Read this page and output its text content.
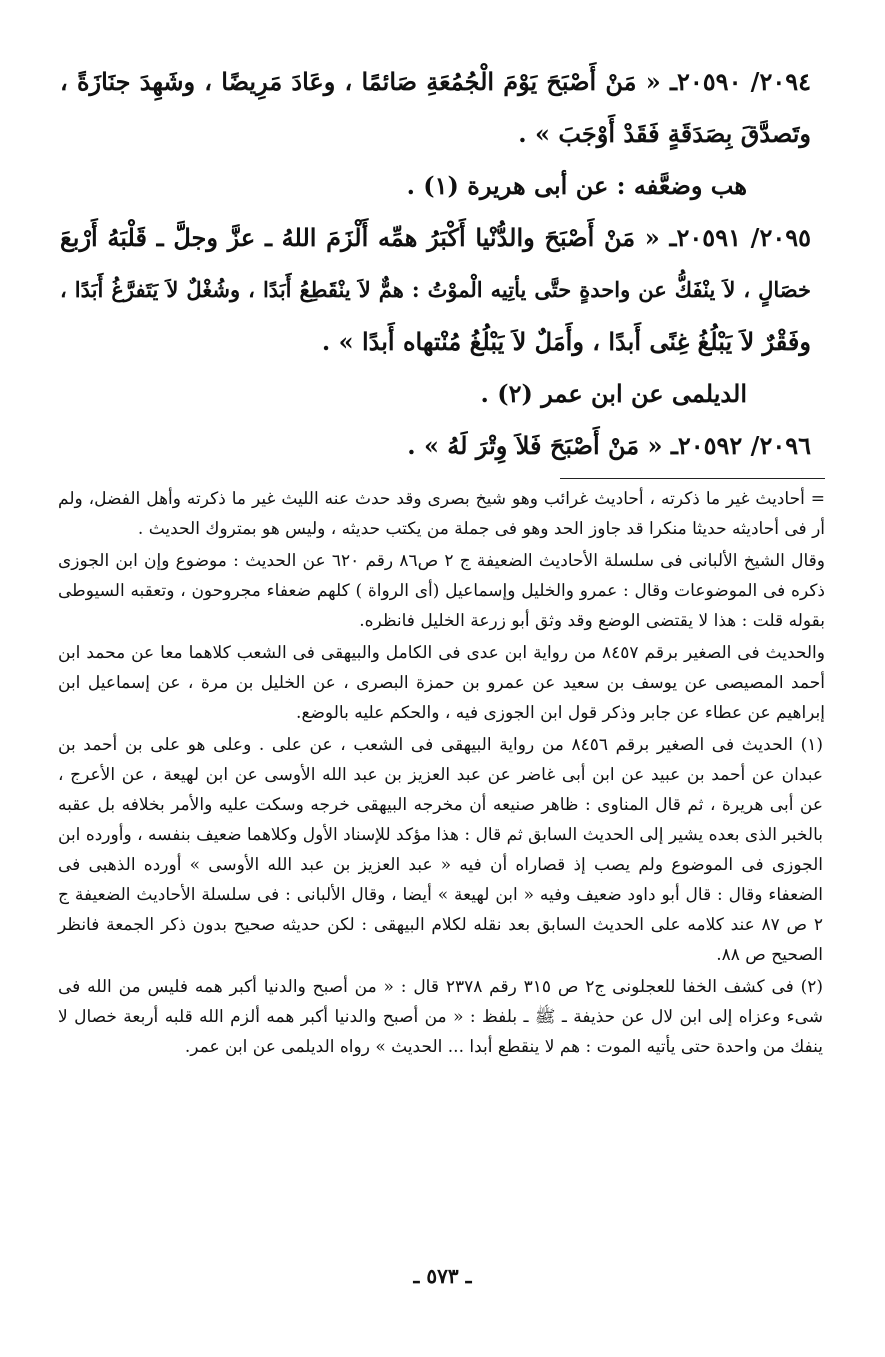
٢٠٩٤/ ٢٠٥٩٠ـ « مَنْ أَصْبَحَ يَوْمَ الْجُمُعَةِ صَائمًا ، وعَادَ مَرِيضًا ، وشَهِدَ جنَازَةً ،
وتَصدَّقَ بِصَدَقَةٍ فَقَدْ أَوْجَبَ » .
هب وضعَّفه : عن أبى هريرة (١) .
٢٠٩٥/ ٢٠٥٩١ـ « مَنْ أَصْبَحَ والدُّنْيا أَكْبَرُ همِّه أَلْزَمَ اللهُ ـ عزَّ وجلَّ ـ قَلْبَهُ أَرْبعَ
خصَالٍ ، لاَ ينْفَكُّ عن واحدةٍ حتَّى يأتِيه الْموْتُ : همٌّ لاَ ينْقَطِعُ أَبَدًا ، وشُغْلٌ لاَ يَتَفرَّغُ أَبَدًا ،
وفَقْرٌ لاَ يَبْلُغُ غِنًى أَبدًا ، وأَمَلٌ لاَ يَبْلُغُ مُنْتهاه أَبدًا » .
الديلمى عن ابن عمر (٢) .
٢٠٩٦/ ٢٠٥٩٢ـ « مَنْ أَصْبَحَ فَلاَ وِتْرَ لَهُ » .

= أحاديث غير ما ذكرته ، أحاديث غرائب وهو شيخ بصرى وقد حدث عنه الليث غير ما ذكرته وأهل الفضل، ولم أر فى أحاديثه حديثا منكرا قد جاوز الحد وهو فى جملة من يكتب حديثه ، وليس هو بمتروك الحديث .

وقال الشيخ الألبانى فى سلسلة الأحاديث الضعيفة ج ٢ ص٨٦ رقم ٦٢٠ عن الحديث : موضوع وإن ابن الجوزى ذكره فى الموضوعات وقال : عمرو والخليل وإسماعيل (أى الرواة ) كلهم ضعفاء مجروحون ، وتعقبه السيوطى بقوله قلت : هذا لا يقتضى الوضع وقد وثق أبو زرعة الخليل فانظره.

والحديث فى الصغير برقم ٨٤٥٧ من رواية ابن عدى فى الكامل والبيهقى فى الشعب كلاهما معا عن محمد ابن أحمد المصيصى عن يوسف بن سعيد عن عمرو بن حمزة البصرى ، عن الخليل بن مرة ، عن إسماعيل ابن إبراهيم عن عطاء عن جابر وذكر قول ابن الجوزى فيه ، والحكم عليه بالوضع.

(١) الحديث فى الصغير برقم ٨٤٥٦ من رواية البيهقى فى الشعب ، عن على . وعلى هو على بن أحمد بن عبدان عن أحمد بن عبيد عن ابن أبى غاضر عن عبد العزيز بن عبد الله الأوسى عن ابن لهيعة ، عن الأعرج ، عن أبى هريرة ، ثم قال المناوى : ظاهر صنيعه أن مخرجه البيهقى خرجه وسكت عليه والأمر بخلافه بل عقبه بالخبر الذى بعده يشير إلى الحديث السابق ثم قال : هذا مؤكد للإسناد الأول وكلاهما ضعيف بنفسه ، وأورده ابن الجوزى فى الموضوع ولم يصب إذ قصاراه أن فيه « عبد العزيز بن عبد الله الأوسى » أورده الذهبى فى الضعفاء وقال : قال أبو داود ضعيف وفيه « ابن لهيعة » أيضا ، وقال الألبانى : فى سلسلة الأحاديث الضعيفة ج ٢ ص ٨٧ عند كلامه على الحديث السابق بعد نقله لكلام البيهقى : لكن حديثه صحيح بدون ذكر الجمعة فانظر الصحيح ص ٨٨.

(٢) فى كشف الخفا للعجلونى ج٢ ص ٣١٥ رقم ٢٣٧٨ قال : « من أصبح والدنيا أكبر همه فليس من الله فى شىء وعزاه إلى ابن لال عن حذيفة ـ ﷺ ـ بلفظ : « من أصبح والدنيا أكبر همه ألزم الله قلبه أربعة خصال لا ينفك من واحدة حتى يأتيه الموت : هم لا ينقطع أبدا ... الحديث » رواه الديلمى عن ابن عمر.

ـ ٥٧٣ ـ
